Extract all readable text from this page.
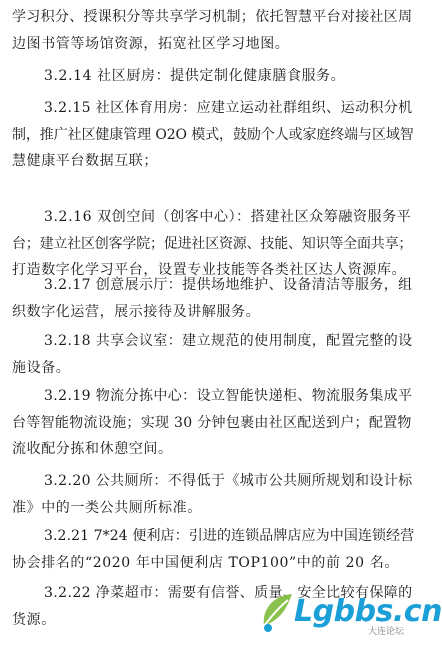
学习积分、授课积分等共享学习机制；依托智慧平台对接社区周
边图书管等场馆资源，拓宽社区学习地图。

3.2.14 社区厨房：提供定制化健康膳食服务。

3.2.15 社区体育用房：应建立运动社群组织、运动积分机
制，推广社区健康管理 O2O 模式，鼓励个人或家庭终端与区域智
慧健康平台数据互联；

3.2.16 双创空间（创客中心）：搭建社区众筹融资服务平
台；建立社区创客学院；促进社区资源、技能、知识等全面共享；
打造数字化学习平台，设置专业技能等各类社区达人资源库。

3.2.17 创意展示厅：提供场地维护、设备清洁等服务，组
织数字化运营，展示接待及讲解服务。

3.2.18 共享会议室：建立规范的使用制度，配置完整的设
施设备。

3.2.19 物流分拣中心：设立智能快递柜、物流服务集成平
台等智能物流设施；实现 30 分钟包裹由社区配送到户；配置物
流收配分拣和休憩空间。

3.2.20 公共厕所：不得低于《城市公共厕所规划和设计标
准》中的一类公共厕所标准。

3.2.21 7*24 便利店：引进的连锁品牌店应为中国连锁经营
协会排名的“2020 年中国便利店 TOP100”中的前 20 名。

3.2.22 净菜超市：需要有信誉、质量、安全比较有保障的
货源。	Lgbbs.cn
大连论坛
